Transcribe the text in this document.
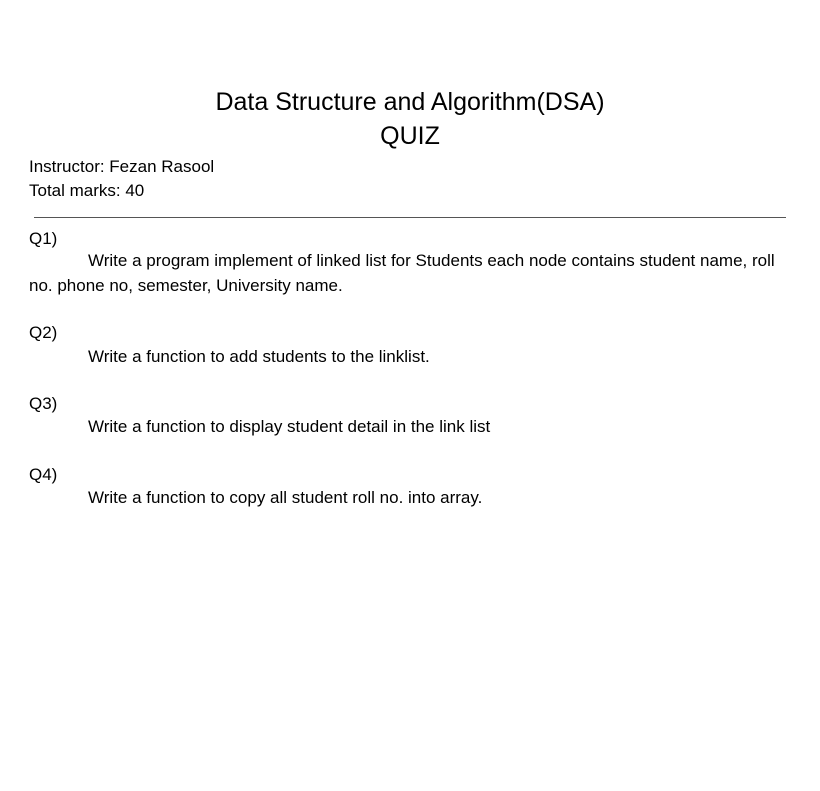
Data Structure and Algorithm(DSA)
QUIZ
Instructor: Fezan Rasool
Total marks: 40
Q1)
Write a program implement of linked list for Students each node contains student name, roll no. phone no, semester, University name.
Q2)
Write a function to add students to the linklist.
Q3)
Write a function to display student detail in the link list
Q4)
Write a function to copy all student roll no. into array.
